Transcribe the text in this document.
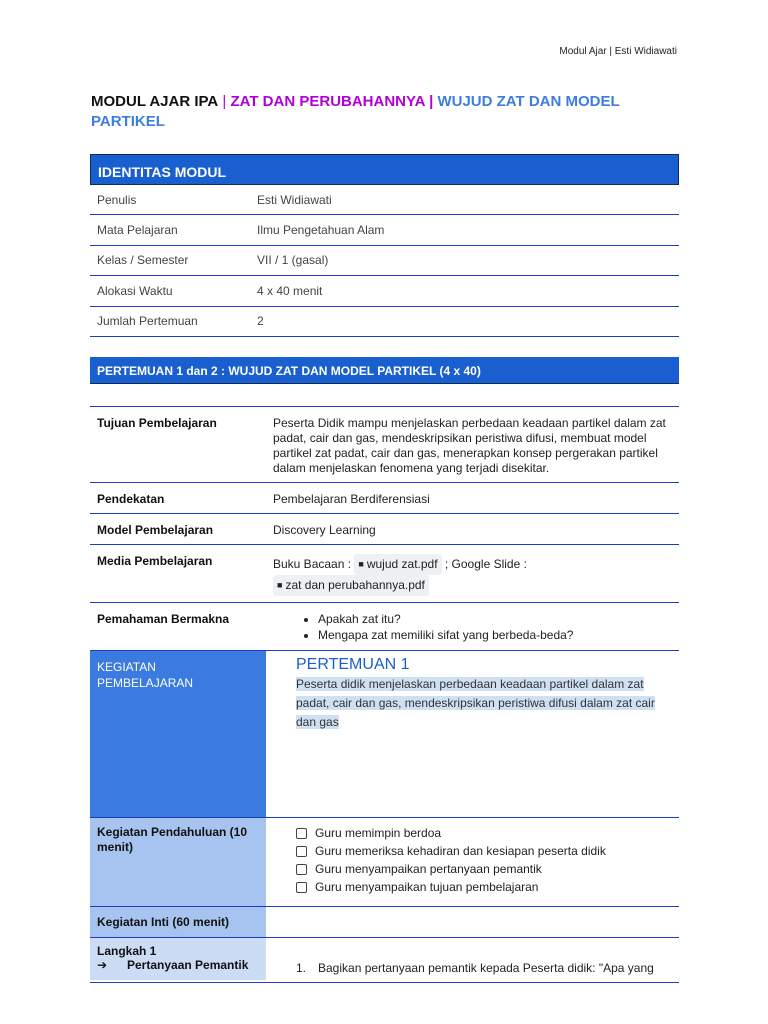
Modul Ajar | Esti Widiawati
MODUL AJAR IPA | ZAT DAN PERUBAHANNYA | WUJUD ZAT DAN MODEL PARTIKEL
IDENTITAS MODUL
Penulis	Esti Widiawati
Mata Pelajaran	Ilmu Pengetahuan Alam
Kelas / Semester	VII / 1 (gasal)
Alokasi Waktu	4 x 40 menit
Jumlah Pertemuan	2
PERTEMUAN 1 dan 2 : WUJUD ZAT DAN MODEL PARTIKEL (4 x 40)
Tujuan Pembelajaran	Peserta Didik mampu menjelaskan perbedaan keadaan partikel dalam zat padat, cair dan gas, mendeskripsikan peristiwa difusi, membuat model partikel zat padat, cair dan gas, menerapkan konsep pergerakan partikel dalam menjelaskan fenomena yang terjadi disekitar.
Pendekatan	Pembelajaran Berdiferensiasi
Model Pembelajaran	Discovery Learning
Media Pembelajaran	Buku Bacaan : ■ wujud zat.pdf ; Google Slide :
■ zat dan perubahannya.pdf
Pemahaman Bermakna
•	Apakah zat itu?
• Mengapa zat memiliki sifat yang berbeda-beda?
KEGIATAN PEMBELAJARAN
PERTEMUAN 1
Peserta didik menjelaskan perbedaan keadaan partikel dalam zat padat, cair dan gas, mendeskripsikan peristiwa difusi dalam zat cair dan gas
Kegiatan Pendahuluan (10 menit)
Guru memimpin berdoa
Guru memeriksa kehadiran dan kesiapan peserta didik
Guru menyampaikan pertanyaan pemantik
Guru menyampaikan tujuan pembelajaran
Kegiatan Inti (60 menit)
Langkah 1
➔ Pertanyaan Pemantik	1. Bagikan pertanyaan pemantik kepada Peserta didik: "Apa yang
